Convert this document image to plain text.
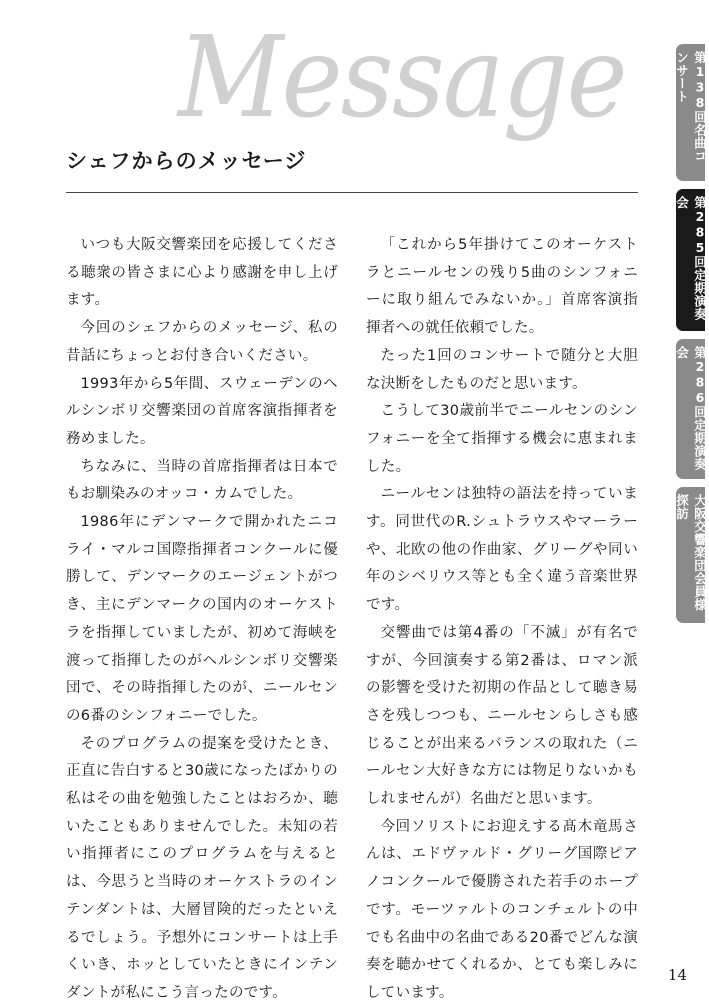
Message
シェフからのメッセージ

いつも大阪交響楽団を応援してくださる聴衆の皆さまに心より感謝を申し上げます。

今回のシェフからのメッセージ、私の昔話にちょっとお付き合いください。

1993年から5年間、スウェーデンのヘルシンボリ交響楽団の首席客演指揮者を務めました。

ちなみに、当時の首席指揮者は日本でもお馴染みのオッコ・カムでした。

1986年にデンマークで開かれたニコライ・マルコ国際指揮者コンクールに優勝して、デンマークのエージェントがつき、主にデンマークの国内のオーケストラを指揮していましたが、初めて海峡を渡って指揮したのがヘルシンボリ交響楽団で、その時指揮したのが、ニールセンの6番のシンフォニーでした。

そのプログラムの提案を受けたとき、正直に告白すると30歳になったばかりの私はその曲を勉強したことはおろか、聴いたこともありませんでした。未知の若い指揮者にこのプログラムを与えるとは、今思うと当時のオーケストラのインテンダントは、大層冒険的だったといえるでしょう。予想外にコンサートは上手くいき、ホッとしていたときにインテンダントが私にこう言ったのです。

「これから5年掛けてこのオーケストラとニールセンの残り5曲のシンフォニーに取り組んでみないか。」首席客演指揮者への就任依頼でした。

たった1回のコンサートで随分と大胆な決断をしたものだと思います。

こうして30歳前半でニールセンのシンフォニーを全て指揮する機会に恵まれました。

ニールセンは独特の語法を持っています。同世代のR.シュトラウスやマーラーや、北欧の他の作曲家、グリーグや同い年のシベリウス等とも全く違う音楽世界です。

交響曲では第4番の「不滅」が有名ですが、今回演奏する第2番は、ロマン派の影響を受けた初期の作品として聴き易さを残しつつも、ニールセンらしさも感じることが出来るバランスの取れた（ニールセン大好きな方には物足りないかもしれませんが）名曲だと思います。

今回ソリストにお迎えする髙木竜馬さんは、エドヴァルド・グリーグ国際ピアノコンクールで優勝された若手のホープです。モーツァルトのコンチェルトの中でも名曲中の名曲である20番でどんな演奏を聴かせてくれるか、とても楽しみにしています。

第138回名曲コンサート
第285回定期演奏会
第286回定期演奏会
大阪交響楽団会員様探訪
14
